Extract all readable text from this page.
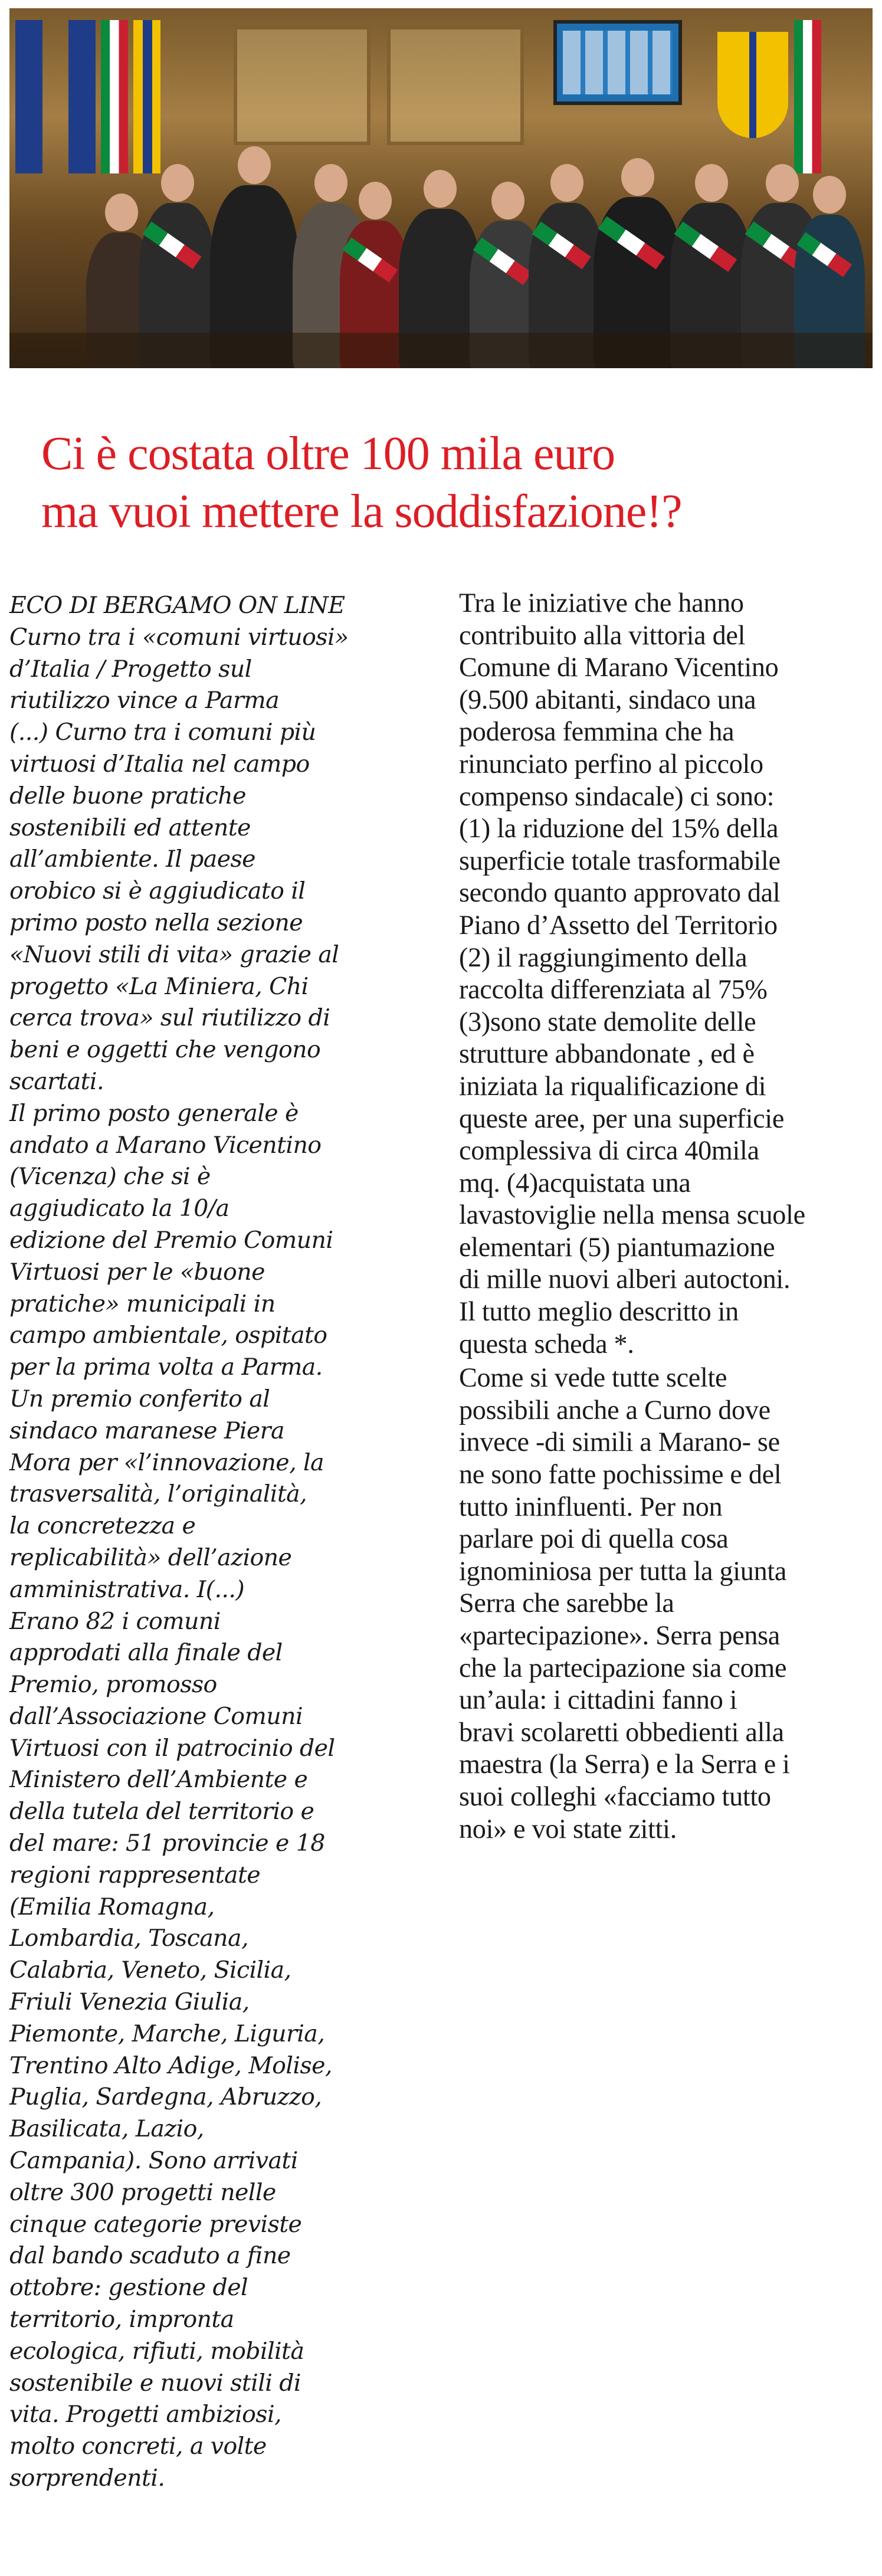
Ci è costata oltre 100 mila euro
ma vuoi mettere la soddisfazione!?
ECO DI BERGAMO ON LINE
Curno tra i «comuni virtuosi»
d’Italia / Progetto sul
riutilizzo vince a Parma
(...) Curno tra i comuni più
virtuosi d’Italia nel campo
delle buone pratiche
sostenibili ed attente
all’ambiente. Il paese
orobico si è aggiudicato il
primo posto nella sezione
«Nuovi stili di vita» grazie al
progetto «La Miniera, Chi
cerca trova» sul riutilizzo di
beni e oggetti che vengono
scartati.
Il primo posto generale è
andato a Marano Vicentino
(Vicenza) che si è
aggiudicato la 10/a
edizione del Premio Comuni
Virtuosi per le «buone
pratiche» municipali in
campo ambientale, ospitato
per la prima volta a Parma.
Un premio conferito al
sindaco maranese Piera
Mora per «l’innovazione, la
trasversalità, l’originalità,
la concretezza e
replicabilità» dell’azione
amministrativa. I(...)
Erano 82 i comuni
approdati alla finale del
Premio, promosso
dall’Associazione Comuni
Virtuosi con il patrocinio del
Ministero dell’Ambiente e
della tutela del territorio e
del mare: 51 provincie e 18
regioni rappresentate
(Emilia Romagna,
Lombardia, Toscana,
Calabria, Veneto, Sicilia,
Friuli Venezia Giulia,
Piemonte, Marche, Liguria,
Trentino Alto Adige, Molise,
Puglia, Sardegna, Abruzzo,
Basilicata, Lazio,
Campania). Sono arrivati
oltre 300 progetti nelle
cinque categorie previste
dal bando scaduto a fine
ottobre: gestione del
territorio, impronta
ecologica, rifiuti, mobilità
sostenibile e nuovi stili di
vita. Progetti ambiziosi,
molto concreti, a volte
sorprendenti.
Tra le iniziative che hanno
contribuito alla vittoria del
Comune di Marano Vicentino
(9.500 abitanti, sindaco una
poderosa femmina che ha
rinunciato perfino al piccolo
compenso sindacale) ci sono:
(1) la riduzione del 15% della
superficie totale trasformabile
secondo quanto approvato dal
Piano d’Assetto del Territorio
(2) il raggiungimento della
raccolta differenziata al 75%
(3)sono state demolite delle
strutture abbandonate , ed è
iniziata la riqualificazione di
queste aree, per una superficie
complessiva di circa 40mila
mq. (4)acquistata una
lavastoviglie nella mensa scuole
elementari (5) piantumazione
di mille nuovi alberi autoctoni.
Il tutto meglio descritto in
questa scheda *.
Come si vede tutte scelte
possibili anche a Curno dove
invece -di simili a Marano- se
ne sono fatte pochissime e del
tutto ininfluenti. Per non
parlare poi di quella cosa
ignominiosa per tutta la giunta
Serra che sarebbe la
«partecipazione». Serra pensa
che la partecipazione sia come
un’aula: i cittadini fanno i
bravi scolaretti obbedienti alla
maestra (la Serra) e la Serra e i
suoi colleghi «facciamo tutto
noi» e voi state zitti.
